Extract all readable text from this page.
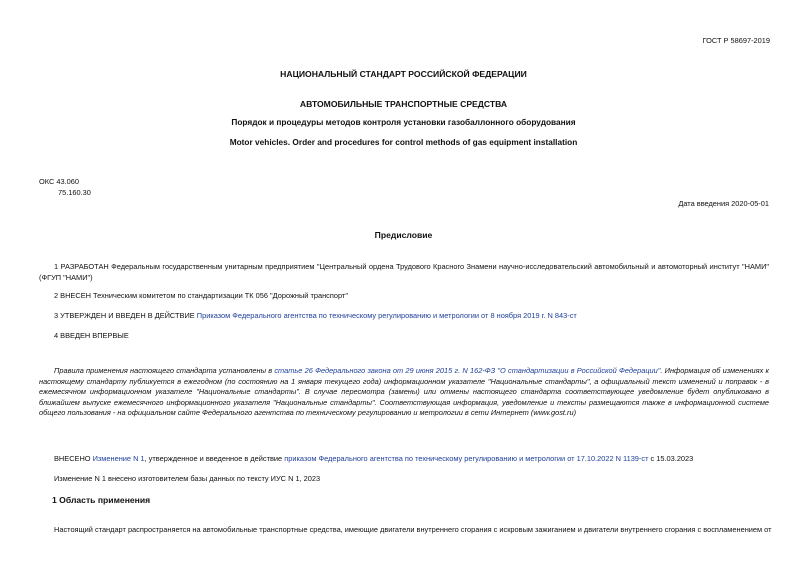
ГОСТ Р 58697-2019
НАЦИОНАЛЬНЫЙ СТАНДАРТ РОССИЙСКОЙ ФЕДЕРАЦИИ
АВТОМОБИЛЬНЫЕ ТРАНСПОРТНЫЕ СРЕДСТВА
Порядок и процедуры методов контроля установки газобаллонного оборудования
Motor vehicles. Order and procedures for control methods of gas equipment installation
ОКС 43.060
75.160.30
Дата введения 2020-05-01
Предисловие

1 РАЗРАБОТАН Федеральным государственным унитарным предприятием "Центральный ордена Трудового Красного Знамени научно-исследовательский автомобильный и автомоторный институт "НАМИ" (ФГУП "НАМИ")

2 ВНЕСЕН Техническим комитетом по стандартизации ТК 056 "Дорожный транспорт"

3 УТВЕРЖДЕН И ВВЕДЕН В ДЕЙСТВИЕ Приказом Федерального агентства по техническому регулированию и метрологии от 8 ноября 2019 г. N 843-ст

4 ВВЕДЕН ВПЕРВЫЕ

Правила применения настоящего стандарта установлены в статье 26 Федерального закона от 29 июня 2015 г. N 162-ФЗ "О стандартизации в Российской Федерации". Информация об изменениях к настоящему стандарту публикуется в ежегодном (по состоянию на 1 января текущего года) информационном указателе "Национальные стандарты", а официальный текст изменений и поправок - в ежемесячном информационном указателе "Национальные стандарты". В случае пересмотра (замены) или отмены настоящего стандарта соответствующее уведомление будет опубликовано в ближайшем выпуске ежемесячного информационного указателя "Национальные стандарты". Соответствующая информация, уведомление и тексты размещаются также в информационной системе общего пользования - на официальном сайте Федерального агентства по техническому регулированию и метрологии в сети Интернет (www.gost.ru)

ВНЕСЕНО Изменение N 1, утвержденное и введенное в действие приказом Федерального агентства по техническому регулированию и метрологии от 17.10.2022 N 1139-ст с 15.03.2023

Изменение N 1 внесено изготовителем базы данных по тексту ИУС N 1, 2023

1 Область применения

Настоящий стандарт распространяется на автомобильные транспортные средства, имеющие двигатели внутреннего сгорания с искровым зажиганием и двигатели внутреннего сгорания с воспламенением от
